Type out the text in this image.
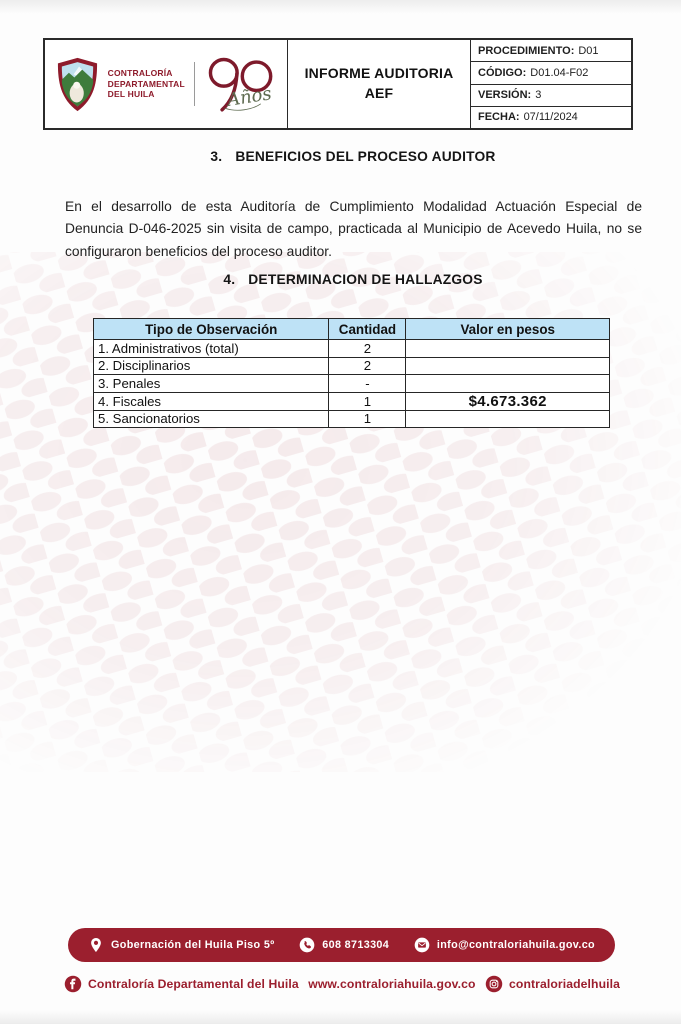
CONTRALORÍA
DEPARTAMENTAL
DEL HUILA	Años
INFORME AUDITORIA
AEF
PROCEDIMIENTO: D01
CÓDIGO: D01.04-F02
VERSIÓN: 3
FECHA: 07/11/2024
3. BENEFICIOS DEL PROCESO AUDITOR

En el desarrollo de esta Auditoría de Cumplimiento Modalidad Actuación Especial de Denuncia D-046-2025 sin visita de campo, practicada al Municipio de Acevedo Huila, no se configuraron beneficios del proceso auditor.

4. DETERMINACION DE HALLAZGOS
Tipo de Observación	Cantidad	Valor en pesos
1. Administrativos (total)	2	
2. Disciplinarios	2	
3. Penales	-	
4. Fiscales	1	$4.673.362
5. Sancionatorios	1	
Gobernación del Huila Piso 5º	608 8713304	info@contraloriahuila.gov.co
Contraloría Departamental del Huila www.contraloriahuila.gov.co	contraloriadelhuila
